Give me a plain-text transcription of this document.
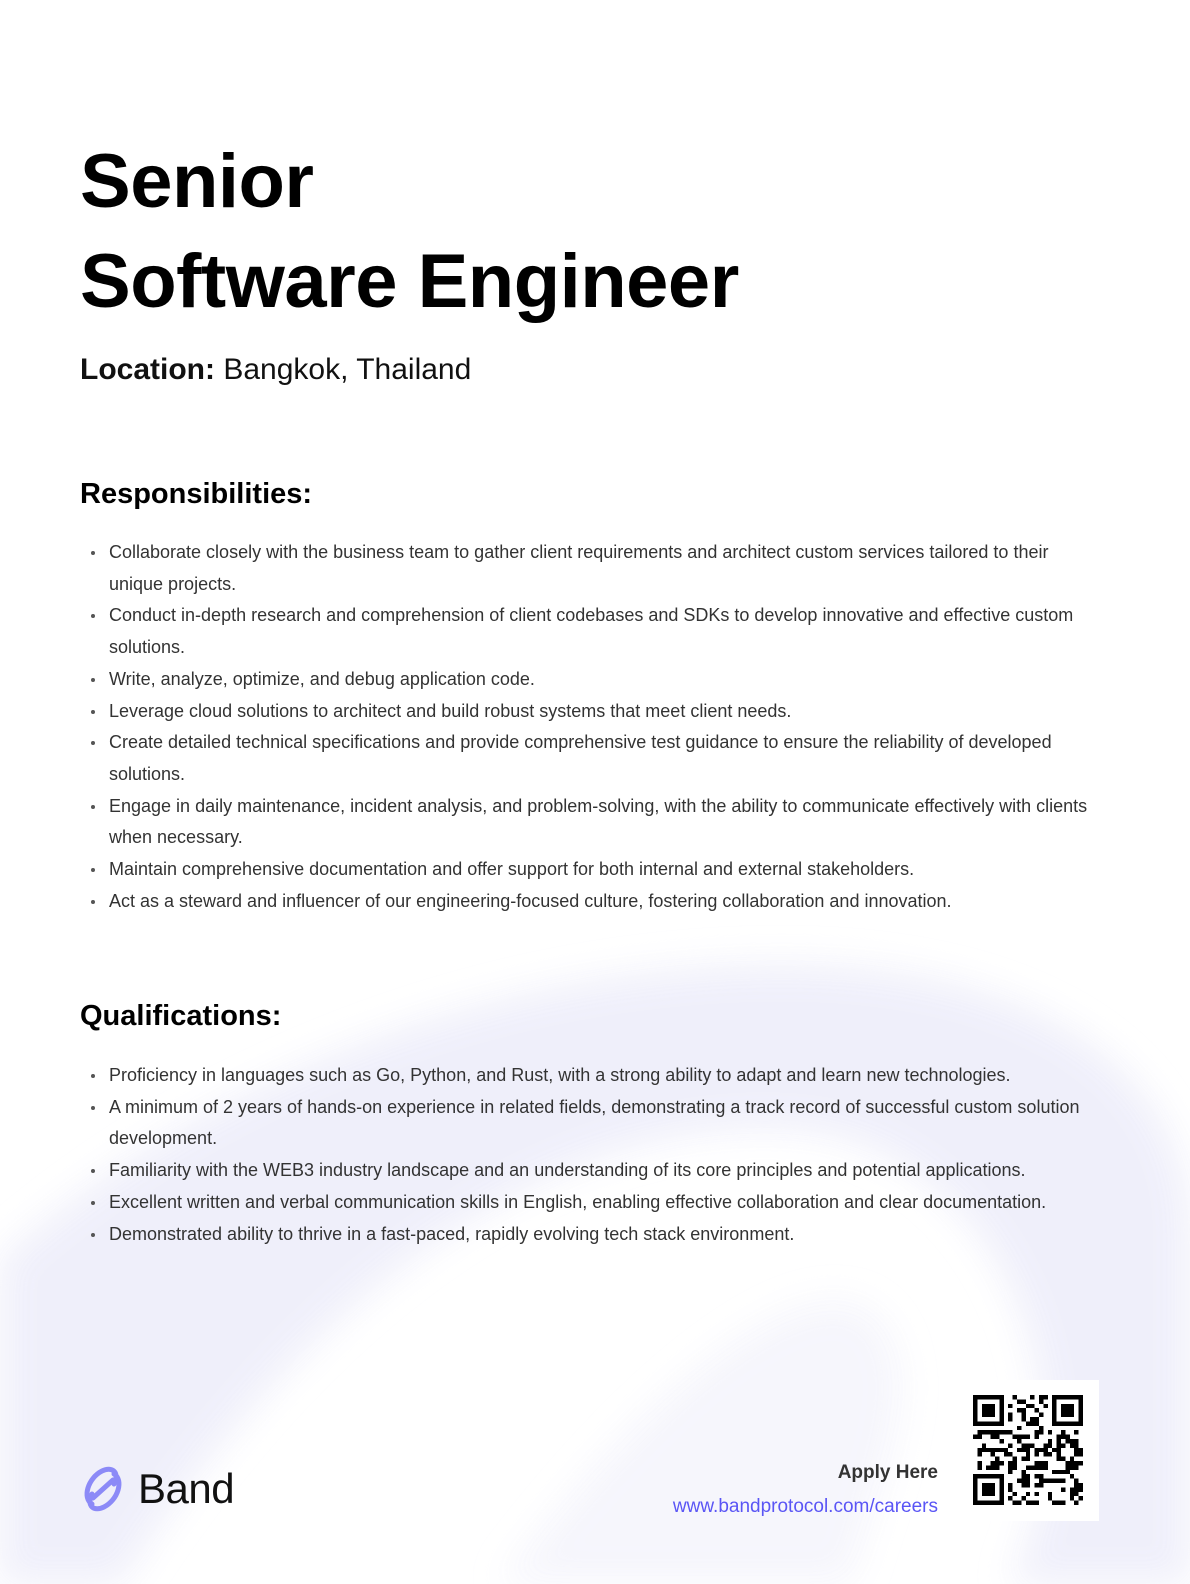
Senior
Software Engineer
Location: Bangkok, Thailand
Responsibilities:
Collaborate closely with the business team to gather client requirements and architect custom services tailored to their unique projects.
Conduct in-depth research and comprehension of client codebases and SDKs to develop innovative and effective custom solutions.
Write, analyze, optimize, and debug application code.
Leverage cloud solutions to architect and build robust systems that meet client needs.
Create detailed technical specifications and provide comprehensive test guidance to ensure the reliability of developed solutions.
Engage in daily maintenance, incident analysis, and problem-solving, with the ability to communicate effectively with clients when necessary.
Maintain comprehensive documentation and offer support for both internal and external stakeholders.
Act as a steward and influencer of our engineering-focused culture, fostering collaboration and innovation.
Qualifications:
Proficiency in languages such as Go, Python, and Rust, with a strong ability to adapt and learn new technologies.
A minimum of 2 years of hands-on experience in related fields, demonstrating a track record of successful custom solution development.
Familiarity with the WEB3 industry landscape and an understanding of its core principles and potential applications.
Excellent written and verbal communication skills in English, enabling effective collaboration and clear documentation.
Demonstrated ability to thrive in a fast-paced, rapidly evolving tech stack environment.
Band	Apply Here
www.bandprotocol.com/careers
